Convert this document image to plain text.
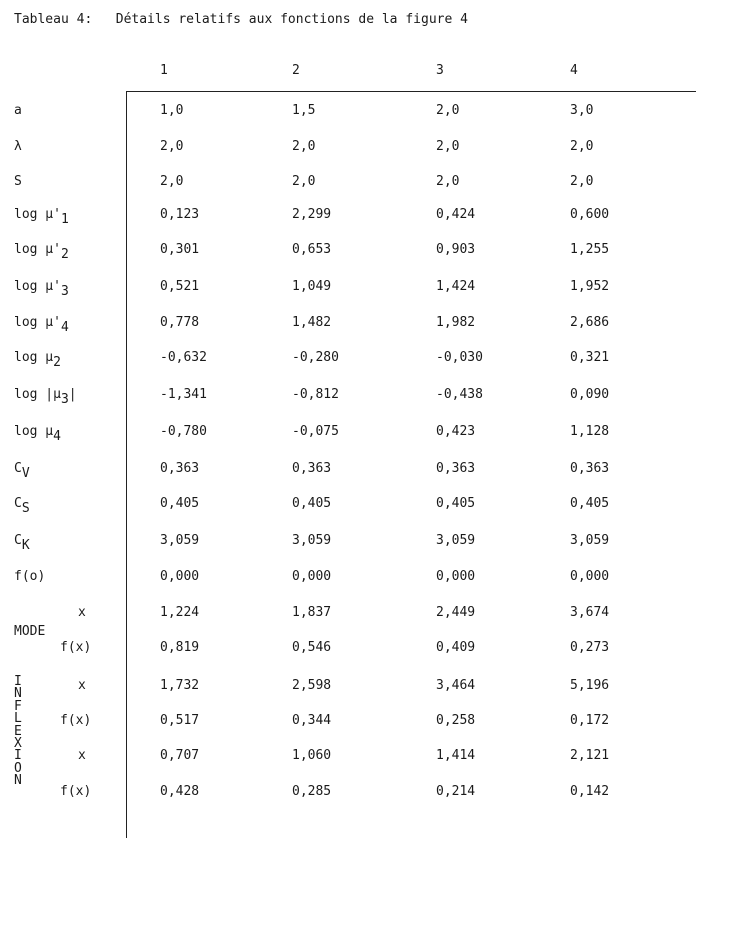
Tableau 4:   Détails relatifs aux fonctions de la figure 4
1	2	3	4
a	1,0	1,5	2,0	3,0
λ	2,0	2,0	2,0	2,0
S	2,0	2,0	2,0	2,0
$\log \mu'_1$	0,123	2,299	0,424	0,600
$\log \mu'_2$	0,301	0,653	0,903	1,255
$\log \mu'_3$	0,521	1,049	1,424	1,952
$\log \mu'_4$	0,778	1,482	1,982	2,686
$\log \mu_2$	-0,632	-0,280	-0,030	0,321
$\log |\mu_3|$	-1,341	-0,812	-0,438	0,090
$\log \mu_4$	-0,780	-0,075	0,423	1,128
$C_V$	0,363	0,363	0,363	0,363
$C_S$	0,405	0,405	0,405	0,405
$C_K$	3,059	3,059	3,059	3,059
f(o)	0,000	0,000	0,000	0,000
MODE
x	1,224	1,837	2,449	3,674
f(x)	0,819	0,546	0,409	0,273
I
N
F
L
E
X
I
O
N
x	1,732	2,598	3,464	5,196
f(x)	0,517	0,344	0,258	0,172
x	0,707	1,060	1,414	2,121
f(x)	0,428	0,285	0,214	0,142
